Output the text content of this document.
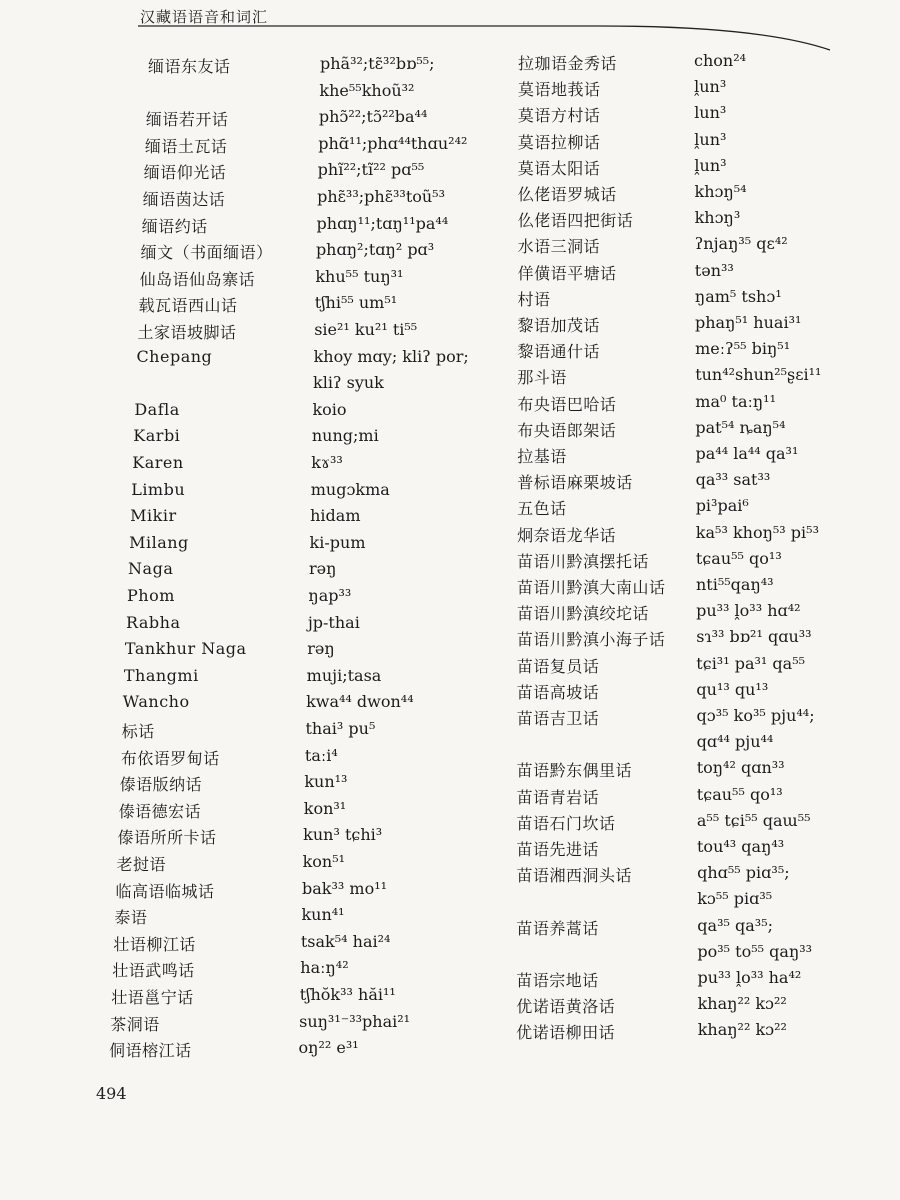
汉藏语语音和词汇
缅语东友话	phã³²;tɛ̃³²bɒ⁵⁵;
khe⁵⁵khoũ³²
缅语若开话	phɔ̃²²;tɔ̃²²ba⁴⁴
缅语土瓦话	phɑ̃¹¹;phɑ⁴⁴thɑu²⁴²
缅语仰光话	phĩ²²;tĩ²² pɑ⁵⁵
缅语茵达话	phɛ̃³³;phɛ̃³³toũ⁵³
缅语约话	phɑŋ¹¹;tɑŋ¹¹pa⁴⁴
缅文（书面缅语）	phɑŋ²;tɑŋ² pɑ³
仙岛语仙岛寨话	khu⁵⁵ tuŋ³¹
载瓦语西山话	tʃhi⁵⁵ um⁵¹
土家语坡脚话	sie²¹ ku²¹ ti⁵⁵
Chepang	khoy mɑy; kliʔ por;
kliʔ syuk
Dafla	koio
Karbi	nung;mi
Karen	kɤ³³
Limbu	mugɔkma
Mikir	hidam
Milang	ki-pum
Naga	rəŋ
Phom	ŋap³³
Rabha	jp-thai
Tankhur Naga	rəŋ
Thangmi	muji;tasa
Wancho	kwa⁴⁴ dwon⁴⁴
标话	thai³ pu⁵
布依语罗甸话	taːi⁴
傣语版纳话	kun¹³
傣语德宏话	kon³¹
傣语所所卡话	kun³ tɕhi³
老挝语	kon⁵¹
临高语临城话	bak³³ mo¹¹
泰语	kun⁴¹
壮语柳江话	tsak⁵⁴ hai²⁴
壮语武鸣话	haːŋ⁴²
壮语邕宁话	tʃhŏk³³ hăi¹¹
茶洞语	suŋ³¹⁻³³phai²¹
侗语榕江话	oŋ²² e³¹
拉珈语金秀话	chon²⁴
莫语地莪话	ḽun³
莫语方村话	lun³
莫语拉柳话	ḽun³
莫语太阳话	ḽun³
仫佬语罗城话	khɔŋ⁵⁴
仫佬语四把街话	khɔŋ³
水语三洞话	ʔnjaŋ³⁵ qɛ⁴²
佯僙语平塘话	tən³³
村语	ŋam⁵ tshɔ¹
黎语加茂话	phaŋ⁵¹ huai³¹
黎语通什话	meːʔ⁵⁵ biŋ⁵¹
那斗语	tun⁴²shun²⁵ʂɛi¹¹
布央语巴哈话	ma⁰ taːŋ¹¹
布央语郎架话	pat⁵⁴ ȵaŋ⁵⁴
拉基语	pa⁴⁴ la⁴⁴ qa³¹
普标语麻栗坡话	qa³³ sat³³
五色话	pi³pai⁶
炯奈语龙华话	ka⁵³ khoŋ⁵³ pi⁵³
苗语川黔滇摆托话	tɕau⁵⁵ qo¹³
苗语川黔滇大南山话 nti⁵⁵qaŋ⁴³
苗语川黔滇绞坨话	pu³³ ḽo³³ hɑ⁴²
苗语川黔滇小海子话 sɿ³³ bɒ²¹ qɑu³³
苗语复员话	tɕi³¹ pa³¹ qa⁵⁵
苗语高坡话	qu¹³ qu¹³
苗语吉卫话	qɔ³⁵ ko³⁵ pju⁴⁴;
qɑ⁴⁴ pju⁴⁴
苗语黔东偶里话	toŋ⁴² qɑn³³
苗语青岩话	tɕau⁵⁵ qo¹³
苗语石门坎话	a⁵⁵ tɕi⁵⁵ qaɯ⁵⁵
苗语先进话	tou⁴³ qaŋ⁴³
苗语湘西洞头话	qhɑ⁵⁵ piɑ³⁵;
kɔ⁵⁵ piɑ³⁵
苗语养蒿话	qa³⁵ qa³⁵;
po³⁵ to⁵⁵ qaŋ³³
苗语宗地话	pu³³ ḽo³³ ha⁴²
优诺语黄洛话	khaŋ²² kɔ²²
优诺语柳田话	khaŋ²² kɔ²²
494
